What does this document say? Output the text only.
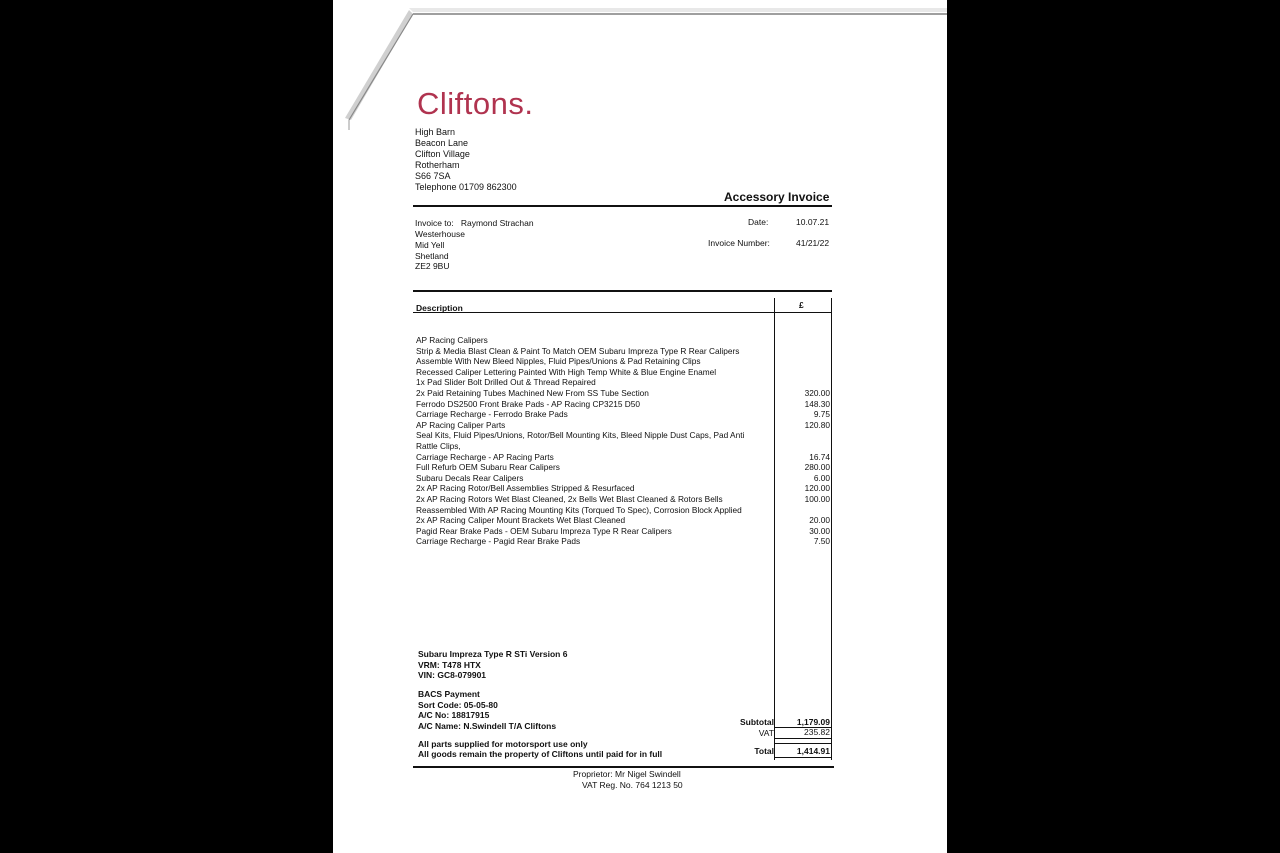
Cliftons.
High Barn
Beacon Lane
Clifton Village
Rotherham
S66 7SA
Telephone 01709 862300
Accessory Invoice
Invoice to: Raymond Strachan
Westerhouse
Mid Yell
Shetland
ZE2 9BU
Date:	10.07.21
Invoice Number:	41/21/22
Description	£
AP Racing Calipers
Strip & Media Blast Clean & Paint To Match OEM Subaru Impreza Type R Rear Calipers
Assemble With New Bleed Nipples, Fluid Pipes/Unions & Pad Retaining Clips
Recessed Caliper Lettering Painted With High Temp White & Blue Engine Enamel
1x Pad Slider Bolt Drilled Out & Thread Repaired
2x Paid Retaining Tubes Machined New From SS Tube Section	320.00
Ferrodo DS2500 Front Brake Pads - AP Racing CP3215 D50	148.30
Carriage Recharge - Ferrodo Brake Pads	9.75
AP Racing Caliper Parts	120.80
Seal Kits, Fluid Pipes/Unions, Rotor/Bell Mounting Kits, Bleed Nipple Dust Caps, Pad Anti
Rattle Clips,
Carriage Recharge - AP Racing Parts	16.74
Full Refurb OEM Subaru Rear Calipers	280.00
Subaru Decals Rear Calipers	6.00
2x AP Racing Rotor/Bell Assemblies Stripped & Resurfaced	120.00
2x AP Racing Rotors Wet Blast Cleaned, 2x Bells Wet Blast Cleaned & Rotors Bells	100.00
Reassembled With AP Racing Mounting Kits (Torqued To Spec), Corrosion Block Applied
2x AP Racing Caliper Mount Brackets Wet Blast Cleaned	20.00
Pagid Rear Brake Pads - OEM Subaru Impreza Type R Rear Calipers	30.00
Carriage Recharge - Pagid Rear Brake Pads	7.50
Subaru Impreza Type R STi Version 6
VRM: T478 HTX
VIN: GC8-079901
BACS Payment
Sort Code: 05-05-80
A/C No: 18817915
A/C Name: N.Swindell T/A Cliftons
All parts supplied for motorsport use only
All goods remain the property of Cliftons until paid for in full
Subtotal	1,179.09
VAT	235.82
Total	1,414.91
Proprietor: Mr Nigel Swindell
VAT Reg. No. 764 1213 50
